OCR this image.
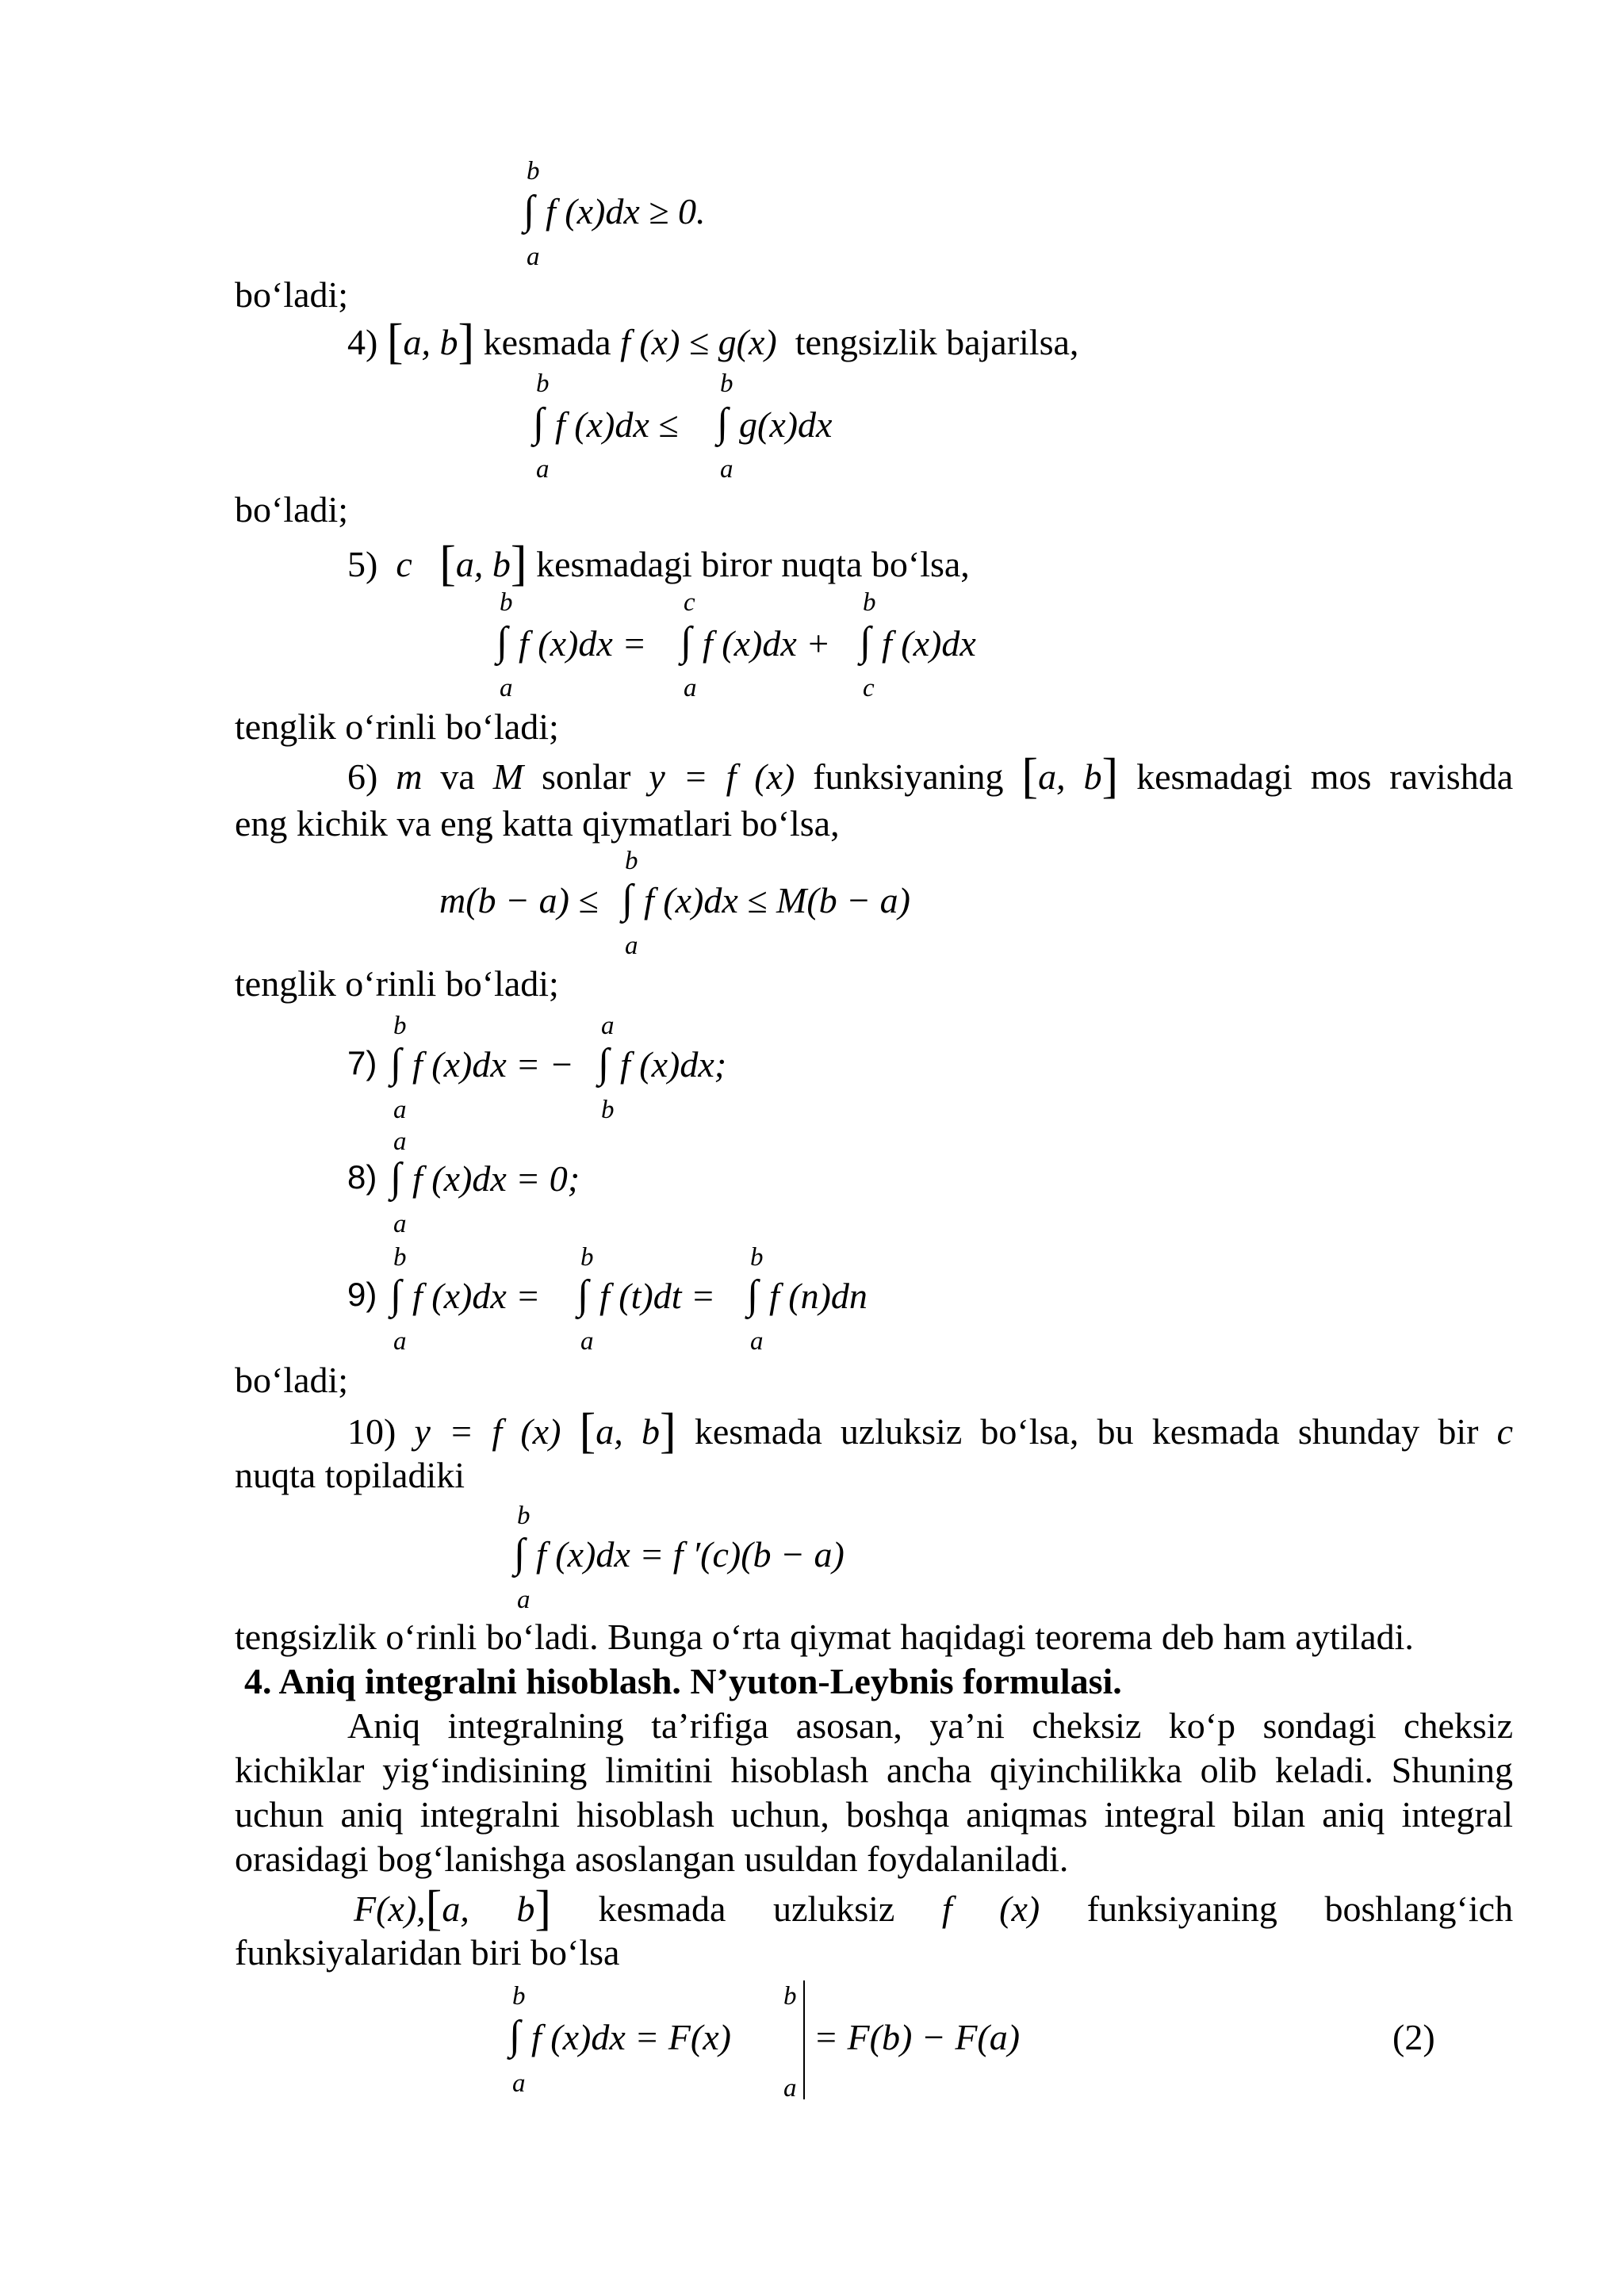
b
∫ f (x)dx ≥ 0.
a
bo‘ladi;
4) [a, b] kesmada f (x) ≤ g(x) tengsizlik bajarilsa,
b
∫ f (x)dx ≤
a
b
∫ g(x)dx
a
bo‘ladi;
5) c [a, b] kesmadagi biror nuqta bo‘lsa,
b
∫ f (x)dx =
a
c
∫ f (x)dx +
a
b
∫ f (x)dx
c
tenglik o‘rinli bo‘ladi;
6) m va M sonlar y = f (x) funksiyaning [a, b] kesmadagi mos ravishda
eng kichik va eng katta qiymatlari bo‘lsa,
m(b − a) ≤
b
∫ f (x)dx ≤ M(b − a)
a
tenglik o‘rinli bo‘ladi;
7)
b
∫ f (x)dx = −
a
a
∫ f (x)dx;
b
8)
a
∫ f (x)dx = 0;
a
9)
b
∫ f (x)dx =
a
b
∫ f (t)dt =
b
∫ f (n)dn
a
a
bo‘ladi;
10) y = f (x) [a, b] kesmada uzluksiz bo‘lsa, bu kesmada shunday bir c
nuqta topiladiki
b
∫ f (x)dx = f ′(c)(b − a)
a
tengsizlik o‘rinli bo‘ladi. Bunga o‘rta qiymat haqidagi teorema deb ham aytiladi.
4. Aniq integralni hisoblash. N’yuton-Leybnis formulasi.
Aniq integralning ta’rifiga asosan, ya’ni cheksiz ko‘p sondagi cheksiz
kichiklar yig‘indisining limitini hisoblash ancha qiyinchilikka olib keladi. Shuning
uchun aniq integralni hisoblash uchun, boshqa aniqmas integral bilan aniq integral
orasidagi bog‘lanishga asoslangan usuldan foydalaniladi.
F(x),[a, b] kesmada uzluksiz f (x) funksiyaning boshlang‘ich
funksiyalaridan biri bo‘lsa
b
∫ f (x)dx = F(x)
a
b
a
= F(b) − F(a)	(2)
